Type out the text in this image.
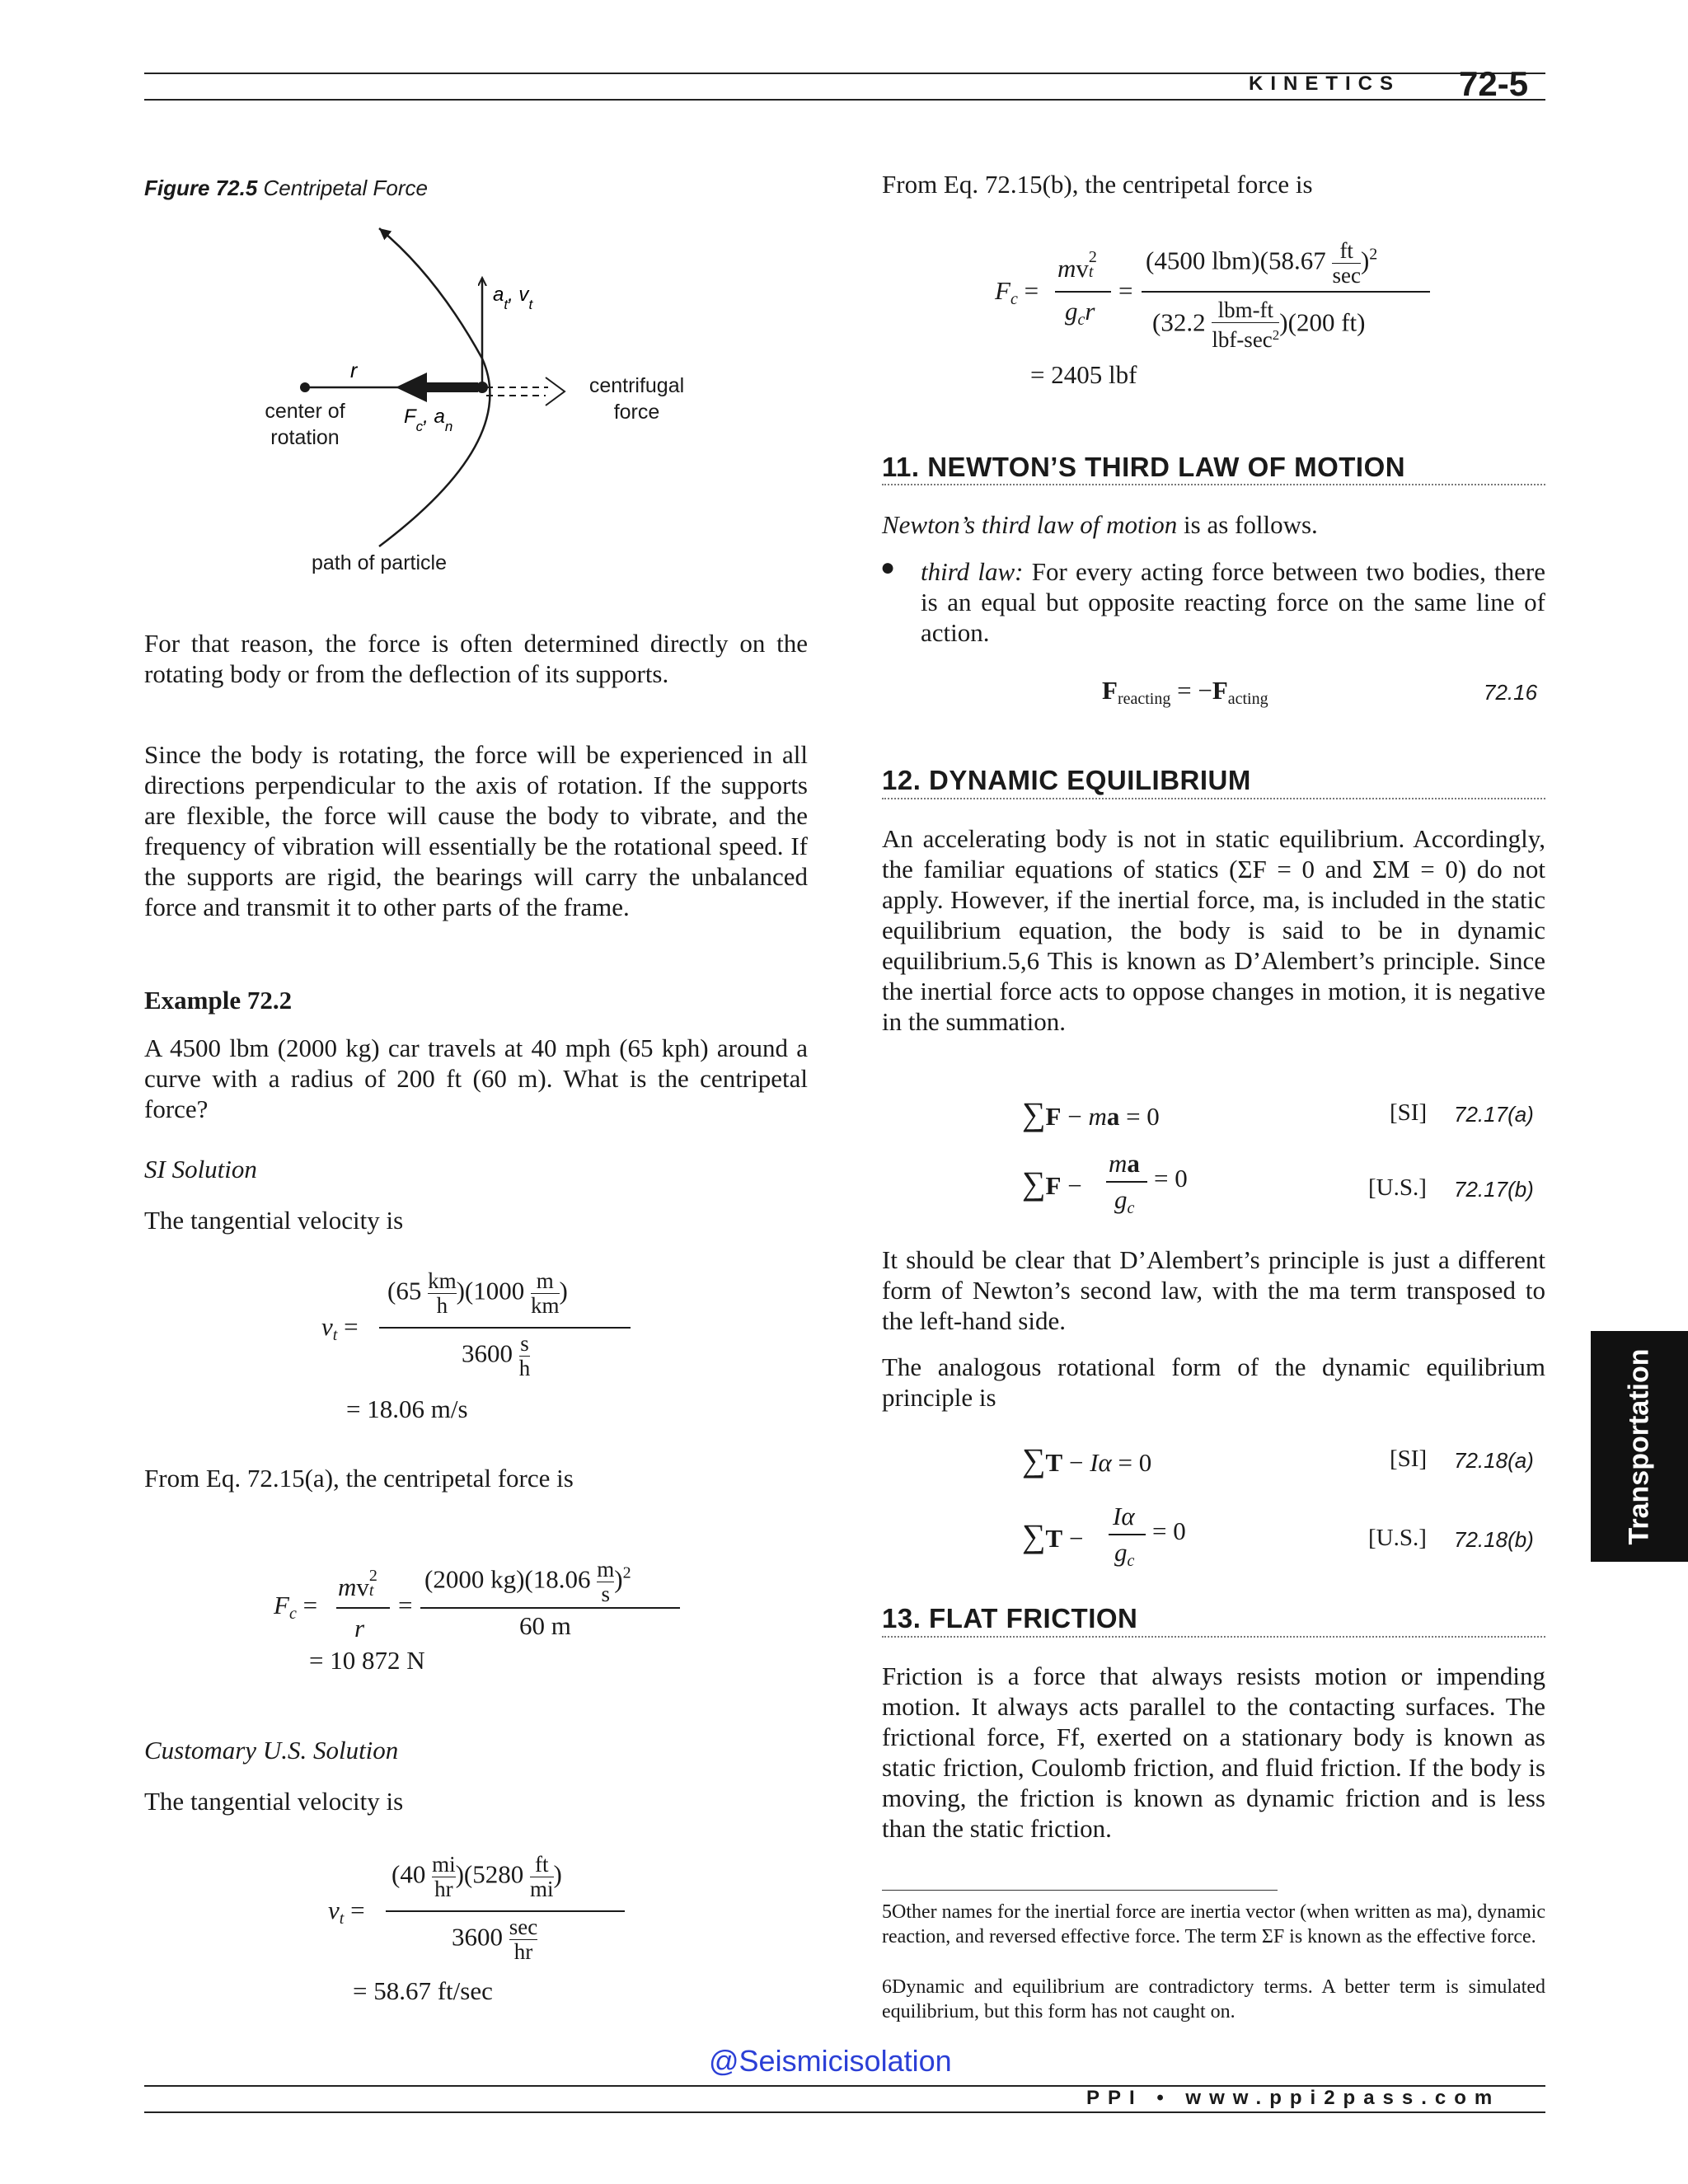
KINETICS 72-5
Figure 72.5 Centripetal Force
$a_t$, $v_t$
r
$F_c$, $a_n$
center of
rotation
centrifugal
force
path of particle
For that reason, the force is often determined directly on the rotating body or from the deflection of its supports.
Since the body is rotating, the force will be experienced in all directions perpendicular to the axis of rotation. If the supports are flexible, the force will cause the body to vibrate, and the frequency of vibration will essentially be the rotational speed. If the supports are rigid, the bearings will carry the unbalanced force and transmit it to other parts of the frame.
Example 72.2
A 4500 lbm (2000 kg) car travels at 40 mph (65 kph) around a curve with a radius of 200 ft (60 m). What is the centripetal force?
SI Solution
The tangential velocity is
$v_t$ =
(65 km
h)(1000 m
km)
3600 s
h
= 18.06 m/s
From Eq. 72.15(a), the centripetal force is
$F_c$ =
mv 2
t
r
=
(2000 kg)(18.06 m
s)$^2$
60 m
= 10 872 N
Customary U.S. Solution
The tangential velocity is
$v_t$ =
(40 mi
hr)(5280 ft
mi)
3600 sec
hr
= 58.67 ft/sec
From Eq. 72.15(b), the centripetal force is
$F_c$ =
mv 2
t
$g_cr$
=
(4500 lbm)(58.67 ft
sec)$^2$
(32.2 lbm-ft
lbf-$\sec^2)(200$ ft)
= 2405 lbf
11. NEWTON’S THIRD LAW OF MOTION
Newton’s third law of motion is as follows.
● third law: For every acting force between two bodies, there is an equal but opposite reacting force on the same line of action.
$F_{reacting} = -F_{acting}$	72.16
12. DYNAMIC EQUILIBRIUM
An accelerating body is not in static equilibrium. Accordingly, the familiar equations of statics (ΣF = 0 and ΣM = 0) do not apply. However, if the inertial force, ma, is included in the static equilibrium equation, the body is said to be in dynamic equilibrium.5,6 This is known as D’Alembert’s principle. Since the inertial force acts to oppose changes in motion, it is negative in the summation.
∑F − ma = 0	[SI] 72.17(a)
∑F −
ma
$g_c$
= 0	[U.S.] 72.17(b)
It should be clear that D’Alembert’s principle is just a different form of Newton’s second law, with the ma term transposed to the left-hand side.
The analogous rotational form of the dynamic equilibrium principle is
∑T − Iα = 0	[SI] 72.18(a)
∑T −
Iα
$g_c$
= 0	[U.S.] 72.18(b)
13. FLAT FRICTION
Friction is a force that always resists motion or impending motion. It always acts parallel to the contacting surfaces. The frictional force, Ff, exerted on a stationary body is known as static friction, Coulomb friction, and fluid friction. If the body is moving, the friction is known as dynamic friction and is less than the static friction.
5Other names for the inertial force are inertia vector (when written as ma), dynamic reaction, and reversed effective force. The term ΣF is known as the effective force.
6Dynamic and equilibrium are contradictory terms. A better term is simulated equilibrium, but this form has not caught on.
Transportation
@Seismicisolation
PPI • www.ppi2pass.com
